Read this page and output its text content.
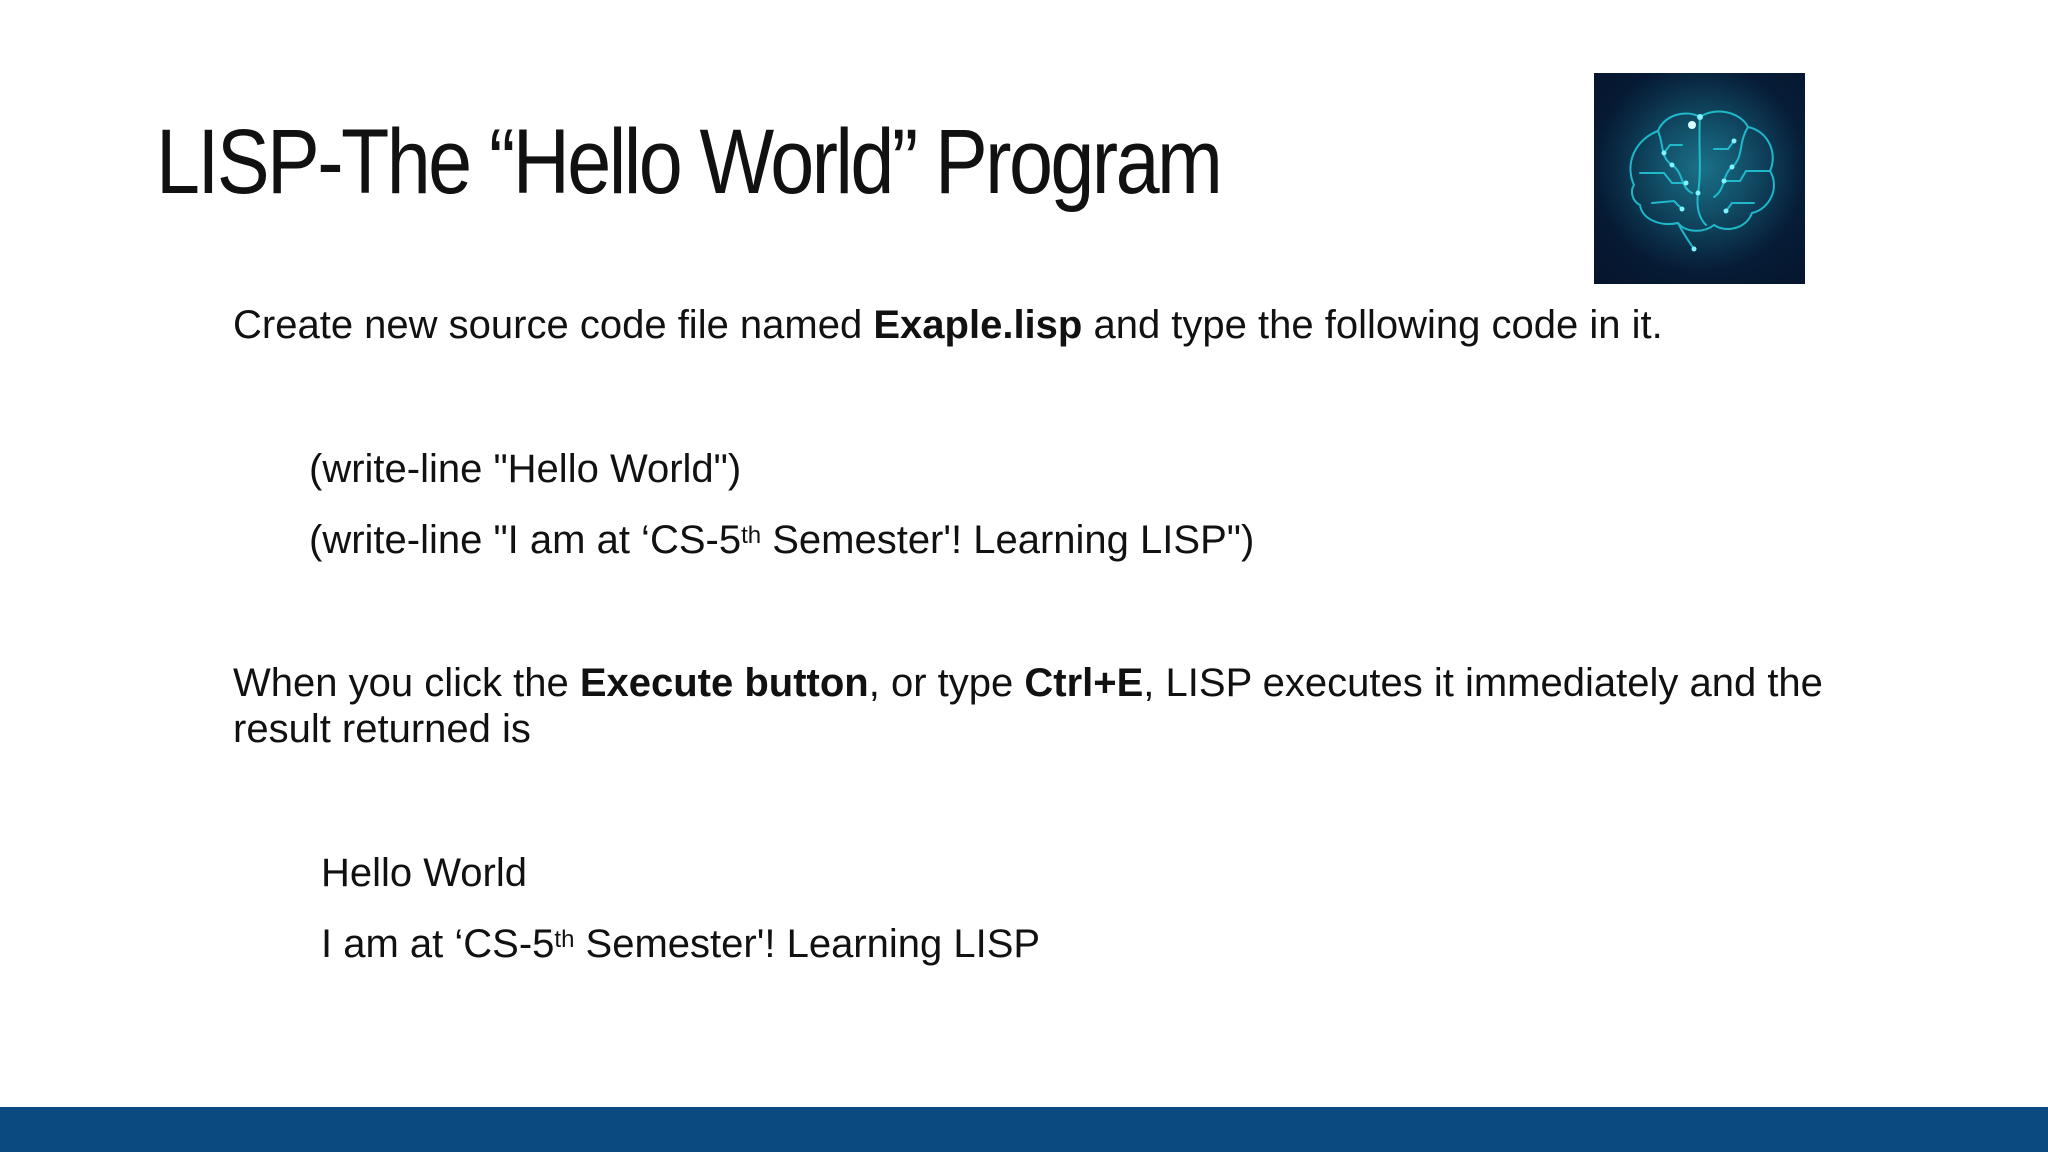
LISP-The “Hello World” Program

Create new source code file named Exaple.lisp and type the following code in it.

(write-line "Hello World")

(write-line "I am at ‘CS-5th Semester'! Learning LISP")

When you click the Execute button, or type Ctrl+E, LISP executes it immediately and the result returned is

Hello World

I am at ‘CS-5th Semester'! Learning LISP
